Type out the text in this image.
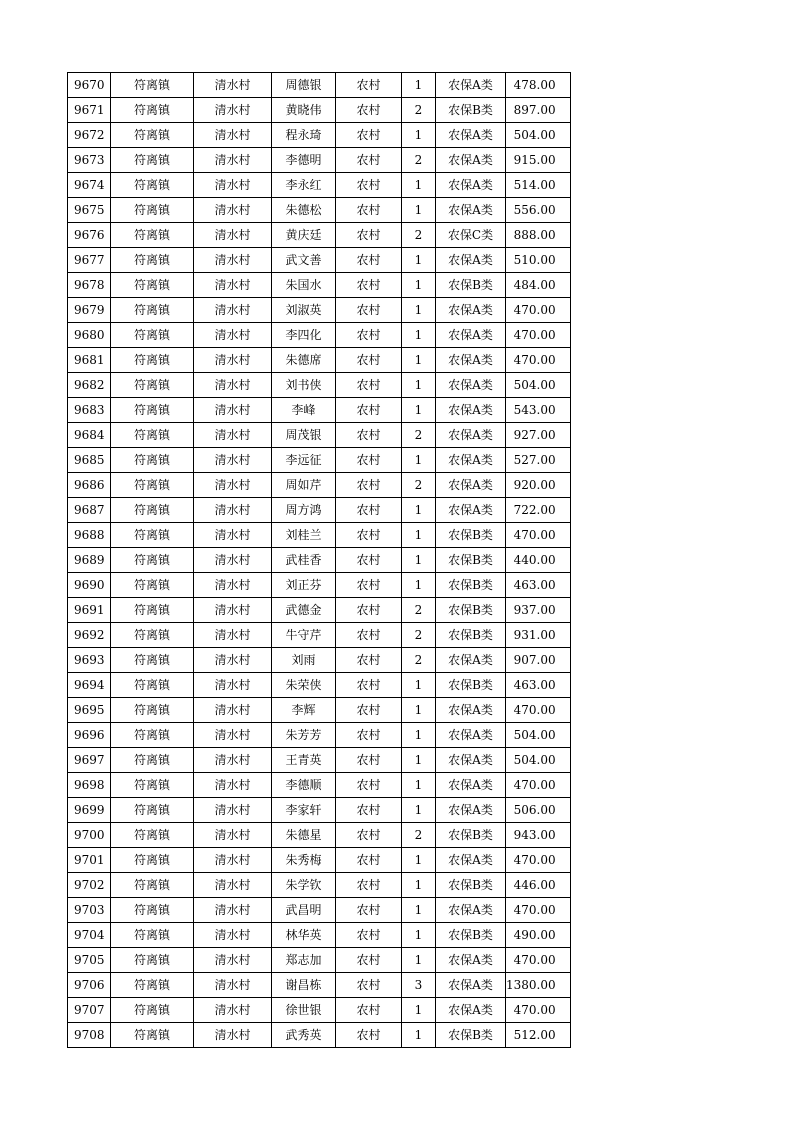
9670	符离镇	清水村	周德银	农村	1	农保A类	478.00
9671	符离镇	清水村	黄晓伟	农村	2	农保B类	897.00
9672	符离镇	清水村	程永琦	农村	1	农保A类	504.00
9673	符离镇	清水村	李德明	农村	2	农保A类	915.00
9674	符离镇	清水村	李永红	农村	1	农保A类	514.00
9675	符离镇	清水村	朱德松	农村	1	农保A类	556.00
9676	符离镇	清水村	黄庆廷	农村	2	农保C类	888.00
9677	符离镇	清水村	武文善	农村	1	农保A类	510.00
9678	符离镇	清水村	朱国水	农村	1	农保B类	484.00
9679	符离镇	清水村	刘淑英	农村	1	农保A类	470.00
9680	符离镇	清水村	李四化	农村	1	农保A类	470.00
9681	符离镇	清水村	朱德席	农村	1	农保A类	470.00
9682	符离镇	清水村	刘书侠	农村	1	农保A类	504.00
9683	符离镇	清水村	李峰	农村	1	农保A类	543.00
9684	符离镇	清水村	周茂银	农村	2	农保A类	927.00
9685	符离镇	清水村	李远征	农村	1	农保A类	527.00
9686	符离镇	清水村	周如芹	农村	2	农保A类	920.00
9687	符离镇	清水村	周方鸿	农村	1	农保A类	722.00
9688	符离镇	清水村	刘桂兰	农村	1	农保B类	470.00
9689	符离镇	清水村	武桂香	农村	1	农保B类	440.00
9690	符离镇	清水村	刘正芬	农村	1	农保B类	463.00
9691	符离镇	清水村	武德金	农村	2	农保B类	937.00
9692	符离镇	清水村	牛守芹	农村	2	农保B类	931.00
9693	符离镇	清水村	刘雨	农村	2	农保A类	907.00
9694	符离镇	清水村	朱荣侠	农村	1	农保B类	463.00
9695	符离镇	清水村	李辉	农村	1	农保A类	470.00
9696	符离镇	清水村	朱芳芳	农村	1	农保A类	504.00
9697	符离镇	清水村	王青英	农村	1	农保A类	504.00
9698	符离镇	清水村	李德顺	农村	1	农保A类	470.00
9699	符离镇	清水村	李家轩	农村	1	农保A类	506.00
9700	符离镇	清水村	朱德星	农村	2	农保B类	943.00
9701	符离镇	清水村	朱秀梅	农村	1	农保A类	470.00
9702	符离镇	清水村	朱学钦	农村	1	农保B类	446.00
9703	符离镇	清水村	武昌明	农村	1	农保A类	470.00
9704	符离镇	清水村	林华英	农村	1	农保B类	490.00
9705	符离镇	清水村	郑志加	农村	1	农保A类	470.00
9706	符离镇	清水村	谢昌栋	农村	3	农保A类	1380.00
9707	符离镇	清水村	徐世银	农村	1	农保A类	470.00
9708	符离镇	清水村	武秀英	农村	1	农保B类	512.00
